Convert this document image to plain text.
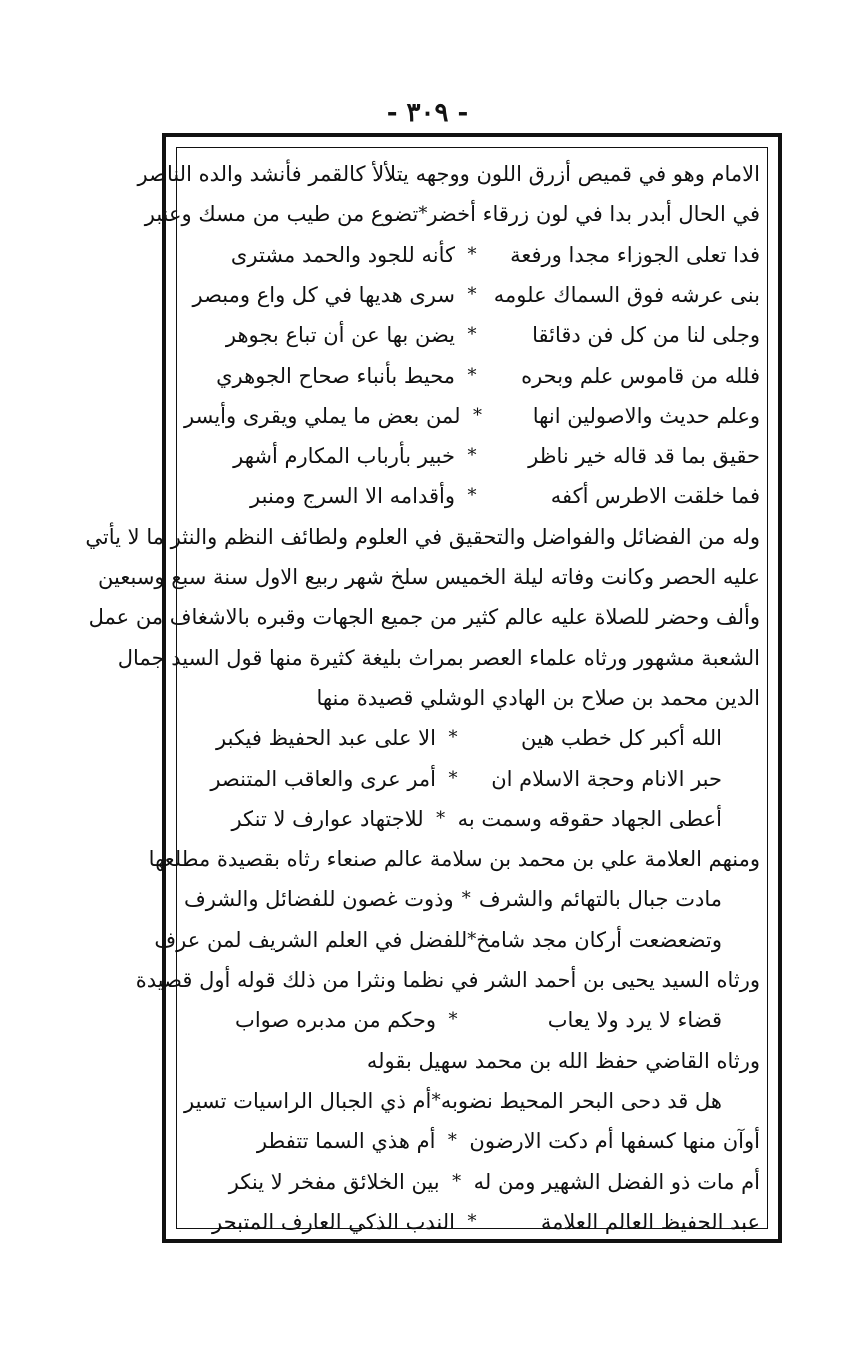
- ٣٠٩ -
الامام وهو في قميص أزرق اللون ووجهه يتلألأ كالقمر فأنشد والده الناصر
في الحال أبدر بدا في لون زرقاء أخضر
*
تضوع من طيب من مسك وعنبر
فدا تعلى الجوزاء مجدا ورفعة
*
كأنه للجود والحمد مشترى
بنى عرشه فوق السماك علومه
*
سرى هديها في كل واع ومبصر
وجلى لنا من كل فن دقائقا
*
يضن بها عن أن تباع بجوهر
فلله من قاموس علم وبحره
*
محيط بأنباء صحاح الجوهري
وعلم حديث والاصولين انها
*
لمن بعض ما يملي ويقرى وأيسر
حقيق بما قد قاله خير ناظر
*
خبير بأرباب المكارم أشهر
فما خلقت الاطرس أكفه
*
وأقدامه الا السرج ومنبر
وله من الفضائل والفواضل والتحقيق في العلوم ولطائف النظم والنثر ما لا يأتي
عليه الحصر وكانت وفاته ليلة الخميس سلخ شهر ربيع الاول سنة سبع وسبعين
وألف وحضر للصلاة عليه عالم كثير من جميع الجهات وقبره بالاشغاف من عمل
الشعبة مشهور ورثاه علماء العصر بمراث بليغة كثيرة منها قول السيد جمال
الدين محمد بن صلاح بن الهادي الوشلي قصيدة منها
الله أكبر كل خطب هين
*
الا على عبد الحفيظ فيكبر
حبر الانام وحجة الاسلام ان
*
أمر عرى والعاقب المتنصر
أعطى الجهاد حقوقه وسمت به
*
للاجتهاد عوارف لا تنكر
ومنهم العلامة علي بن محمد بن سلامة عالم صنعاء رثاه بقصيدة مطلعها
مادت جبال بالتهائم والشرف
*
وذوت غصون للفضائل والشرف
وتضعضعت أركان مجد شامخ
*
للفضل في العلم الشريف لمن عرف
ورثاه السيد يحيى بن أحمد الشر في نظما ونثرا من ذلك قوله أول قصيدة
قضاء لا يرد ولا يعاب
*
وحكم من مدبره صواب
ورثاه القاضي حفظ الله بن محمد سهيل بقوله
هل قد دحى البحر المحيط نضوبه
*
أم ذي الجبال الراسيات تسير
أوآن منها كسفها أم دكت الارضون
*
أم هذي السما تتفطر
أم مات ذو الفضل الشهير ومن له
*
بين الخلائق مفخر لا ينكر
عبد الحفيظ العالم العلامة
*
الندب الذكي العارف المتبحر
